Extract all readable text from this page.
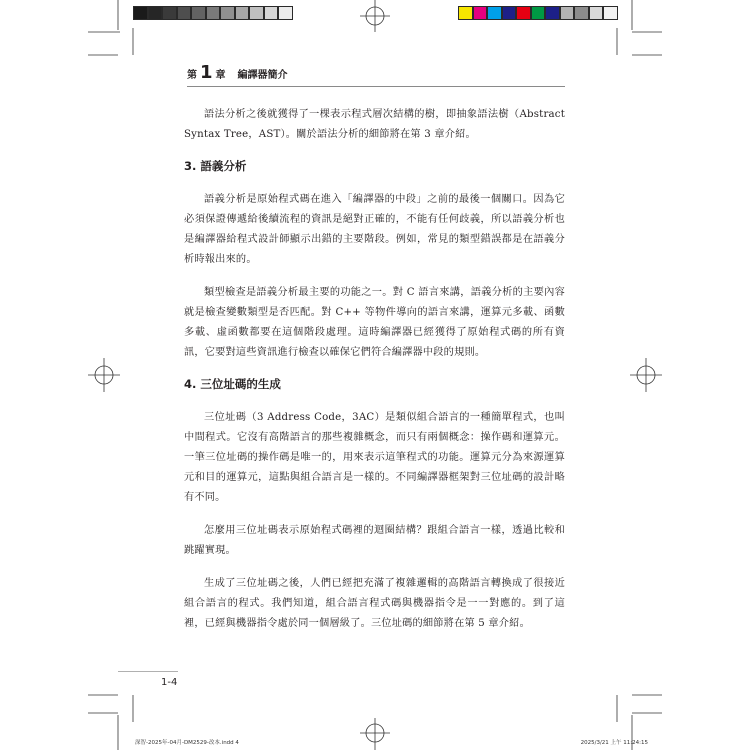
第 1 章 編譯器簡介

語法分析之後就獲得了一棵表示程式層次結構的樹，即抽象語法樹（Abstract Syntax Tree，AST）。關於語法分析的細節將在第 3 章介紹。

3. 語義分析

語義分析是原始程式碼在進入「編譯器的中段」之前的最後一個關口。因為它必須保證傳遞給後續流程的資訊是絕對正確的，不能有任何歧義，所以語義分析也是編譯器給程式設計師顯示出錯的主要階段。例如，常見的類型錯誤都是在語義分析時報出來的。

類型檢查是語義分析最主要的功能之一。對 C 語言來講，語義分析的主要內容就是檢查變數類型是否匹配。對 C++ 等物件導向的語言來講，運算元多載、函數多載、虛函數都要在這個階段處理。這時編譯器已經獲得了原始程式碼的所有資訊，它要對這些資訊進行檢查以確保它們符合編譯器中段的規則。

4. 三位址碼的生成

三位址碼（3 Address Code，3AC）是類似組合語言的一種簡單程式，也叫中間程式。它沒有高階語言的那些複雜概念，而只有兩個概念：操作碼和運算元。一筆三位址碼的操作碼是唯一的，用來表示這筆程式的功能。運算元分為來源運算元和目的運算元，這點與組合語言是一樣的。不同編譯器框架對三位址碼的設計略有不同。

怎麼用三位址碼表示原始程式碼裡的迴圈結構？跟組合語言一樣，透過比較和跳躍實現。

生成了三位址碼之後，人們已經把充滿了複雜邏輯的高階語言轉換成了很接近組合語言的程式。我們知道，組合語言程式碼與機器指令是一一對應的。到了這裡，已經與機器指令處於同一個層級了。三位址碼的細節將在第 5 章介紹。

1-4
深智-2025年-04月-DM2529-改本.indd 4	2025/3/21 上午 11:24:15
